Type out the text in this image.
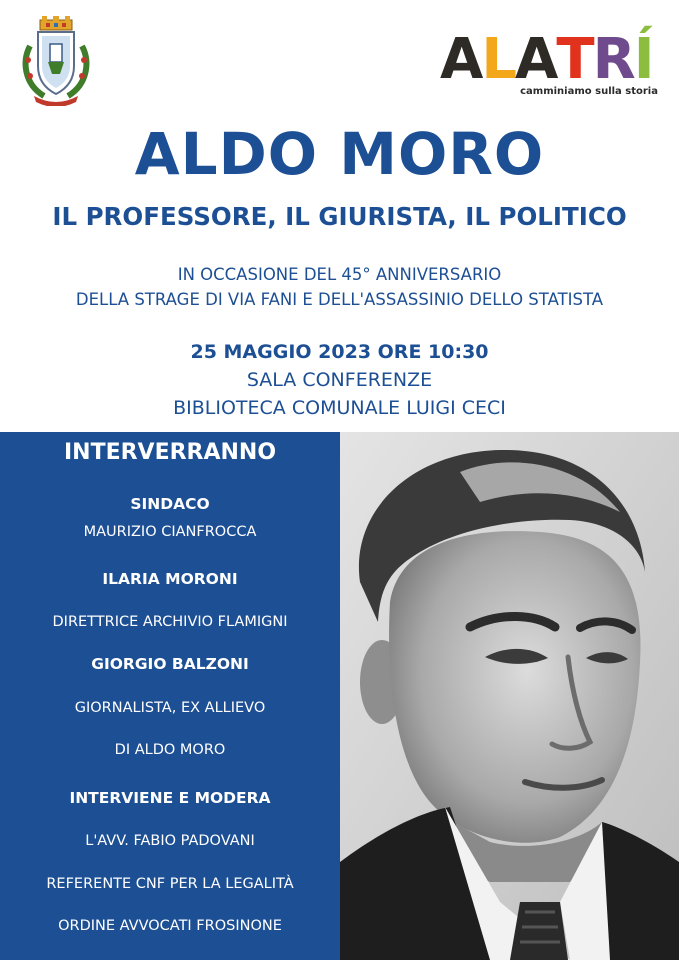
ALATRÍ
camminiamo sulla storia
ALDO MORO
IL PROFESSORE, IL GIURISTA, IL POLITICO
IN OCCASIONE DEL 45° ANNIVERSARIO
DELLA STRAGE DI VIA FANI E DELL'ASSASSINIO DELLO STATISTA
25 MAGGIO 2023 ORE 10:30
SALA CONFERENZE
BIBLIOTECA COMUNALE LUIGI CECI
INTERVERRANNO
SINDACO
MAURIZIO CIANFROCCA
ILARIA MORONI
DIRETTRICE ARCHIVIO FLAMIGNI
GIORGIO BALZONI
GIORNALISTA, EX ALLIEVO
DI ALDO MORO
INTERVIENE E MODERA
L'AVV. FABIO PADOVANI
REFERENTE CNF PER LA LEGALITÀ
ORDINE AVVOCATI FROSINONE
